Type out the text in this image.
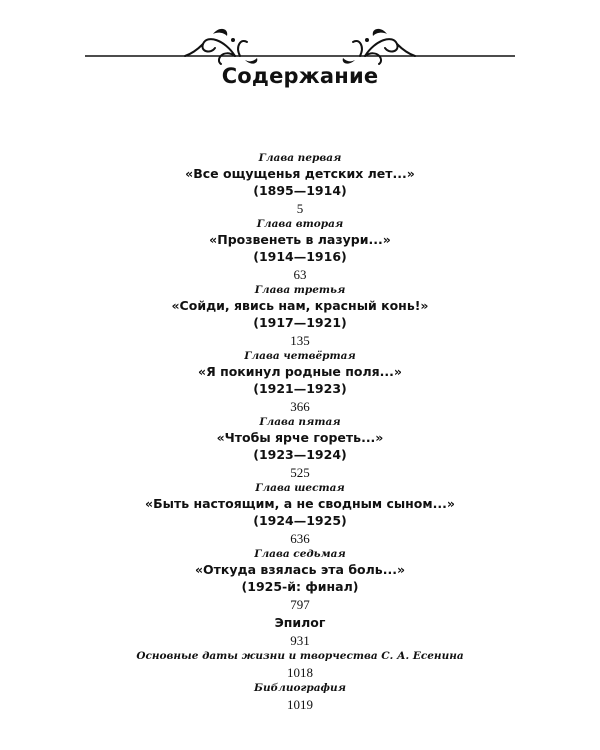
Содержание
Глава первая
«Все ощущенья детских лет...»
(1895—1914)
5
Глава вторая
«Прозвенеть в лазури...»
(1914—1916)
63
Глава третья
«Сойди, явись нам, красный конь!»
(1917—1921)
135
Глава четвёртая
«Я покинул родные поля...»
(1921—1923)
366
Глава пятая
«Чтобы ярче гореть...»
(1923—1924)
525
Глава шестая
«Быть настоящим, а не сводным сыном...»
(1924—1925)
636
Глава седьмая
«Откуда взялась эта боль...»
(1925-й: финал)
797
Эпилог
931
Основные даты жизни и творчества С. А. Есенина
1018
Библиография
1019
